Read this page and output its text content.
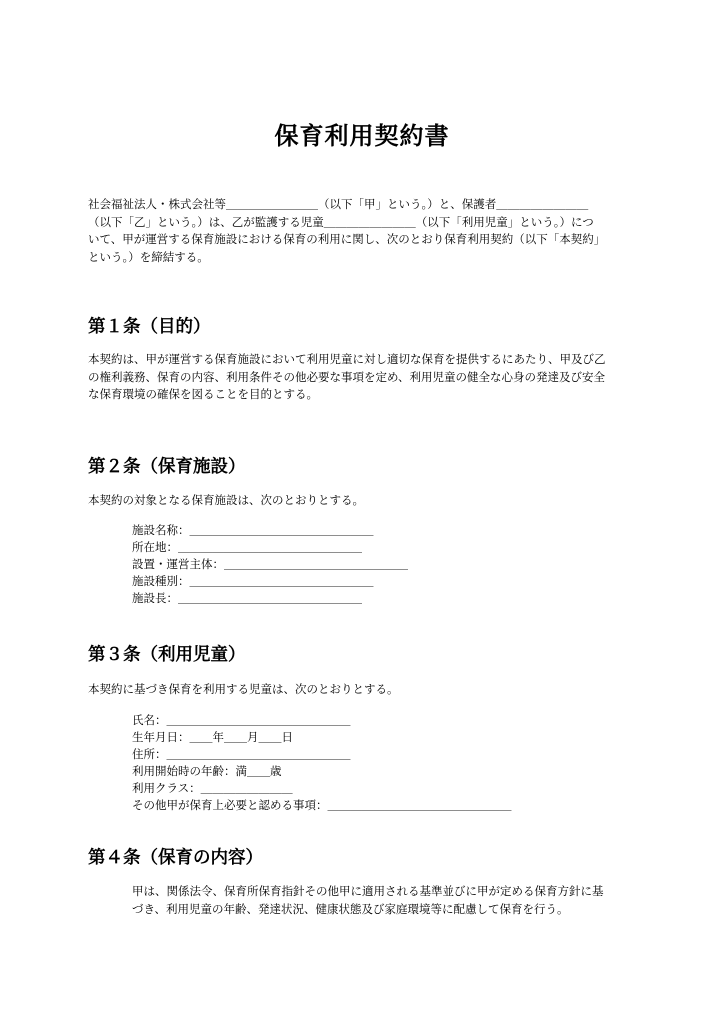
保育利用契約書

社会福祉法人・株式会社等＿＿＿＿＿＿＿＿（以下「甲」という。）と、保護者＿＿＿＿＿＿＿＿

（以下「乙」という。）は、乙が監護する児童＿＿＿＿＿＿＿＿（以下「利用児童」という。）につ

いて、甲が運営する保育施設における保育の利用に関し、次のとおり保育利用契約（以下「本契約」

という。）を締結する。

第１条（目的）

本契約は、甲が運営する保育施設において利用児童に対し適切な保育を提供するにあたり、甲及び乙

の権利義務、保育の内容、利用条件その他必要な事項を定め、利用児童の健全な心身の発達及び安全

な保育環境の確保を図ることを目的とする。

第２条（保育施設）

本契約の対象となる保育施設は、次のとおりとする。

施設名称：＿＿＿＿＿＿＿＿＿＿＿＿＿＿＿＿
所在地：＿＿＿＿＿＿＿＿＿＿＿＿＿＿＿＿
設置・運営主体：＿＿＿＿＿＿＿＿＿＿＿＿＿＿＿＿
施設種別：＿＿＿＿＿＿＿＿＿＿＿＿＿＿＿＿
施設長：＿＿＿＿＿＿＿＿＿＿＿＿＿＿＿＿
第３条（利用児童）

本契約に基づき保育を利用する児童は、次のとおりとする。

氏名：＿＿＿＿＿＿＿＿＿＿＿＿＿＿＿＿
生年月日：＿＿年＿＿月＿＿日
住所：＿＿＿＿＿＿＿＿＿＿＿＿＿＿＿＿
利用開始時の年齢：満＿＿歳
利用クラス：＿＿＿＿＿＿＿＿
その他甲が保育上必要と認める事項：＿＿＿＿＿＿＿＿＿＿＿＿＿＿＿＿
第４条（保育の内容）

甲は、関係法令、保育所保育指針その他甲に適用される基準並びに甲が定める保育方針に基

づき、利用児童の年齢、発達状況、健康状態及び家庭環境等に配慮して保育を行う。
